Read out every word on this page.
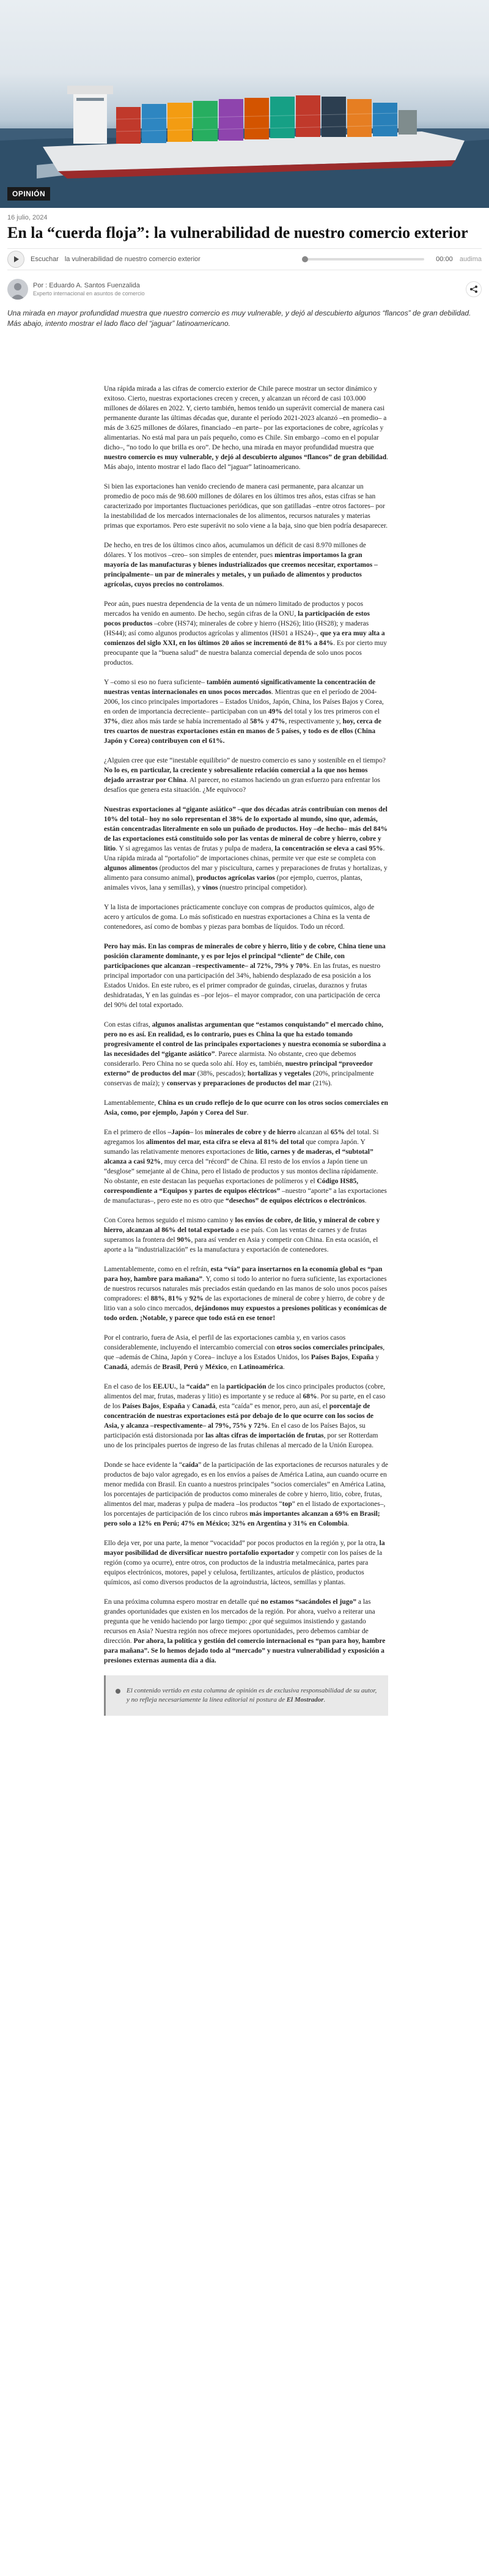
OPINIÓN
16 julio, 2024
En la “cuerda floja”: la vulnerabilidad de nuestro comercio exterior
Escuchar la vulnerabilidad de nuestro comercio exterior	00:00	audima
Por : Eduardo A. Santos Fuenzalida
Experto internacional en asuntos de comercio

Una mirada en mayor profundidad muestra que nuestro comercio es muy vulnerable, y dejó al descubierto algunos “flancos” de gran debilidad. Más abajo, intento mostrar el lado flaco del “jaguar” latinoamericano.

Una rápida mirada a las cifras de comercio exterior de Chile parece mostrar un sector dinámico y exitoso. Cierto, nuestras exportaciones crecen y crecen, y alcanzan un récord de casi 103.000 millones de dólares en 2022. Y, cierto también, hemos tenido un superávit comercial de manera casi permanente durante las últimas décadas que, durante el período 2021-2023 alcanzó –en promedio– a más de 3.625 millones de dólares, financiado –en parte– por las exportaciones de cobre, agrícolas y alimentarias. No está mal para un país pequeño, como es Chile. Sin embargo –como en el popular dicho–, “no todo lo que brilla es oro”. De hecho, una mirada en mayor profundidad muestra que nuestro comercio es muy vulnerable, y dejó al descubierto algunos “flancos” de gran debilidad. Más abajo, intento mostrar el lado flaco del “jaguar” latinoamericano.

Si bien las exportaciones han venido creciendo de manera casi permanente, para alcanzar un promedio de poco más de 98.600 millones de dólares en los últimos tres años, estas cifras se han caracterizado por importantes fluctuaciones periódicas, que son gatilladas –entre otros factores– por la inestabilidad de los mercados internacionales de los alimentos, recursos naturales y materias primas que exportamos. Pero este superávit no solo viene a la baja, sino que bien podría desaparecer.

De hecho, en tres de los últimos cinco años, acumulamos un déficit de casi 8.970 millones de dólares. Y los motivos –creo– son simples de entender, pues mientras importamos la gran mayoría de las manufacturas y bienes industrializados que creemos necesitar, exportamos –principalmente– un par de minerales y metales, y un puñado de alimentos y productos agrícolas, cuyos precios no controlamos.

Peor aún, pues nuestra dependencia de la venta de un número limitado de productos y pocos mercados ha venido en aumento. De hecho, según cifras de la ONU, la participación de estos pocos productos –cobre (HS74); minerales de cobre y hierro (HS26); litio (HS28); y maderas (HS44); así como algunos productos agrícolas y alimentos (HS01 a HS24)–, que ya era muy alta a comienzos del siglo XXI, en los últimos 20 años se incrementó de 81% a 84%. Es por cierto muy preocupante que la “buena salud” de nuestra balanza comercial dependa de solo unos pocos productos.

Y –como si eso no fuera suficiente– también aumentó significativamente la concentración de nuestras ventas internacionales en unos pocos mercados. Mientras que en el período de 2004-2006, los cinco principales importadores – Estados Unidos, Japón, China, los Países Bajos y Corea, en orden de importancia decreciente– participaban con un 49% del total y los tres primeros con el 37%, diez años más tarde se había incrementado al 58% y 47%, respectivamente y, hoy, cerca de tres cuartos de nuestras exportaciones están en manos de 5 países, y todo es de ellos (China Japón y Corea) contribuyen con el 61%.

¿Alguien cree que este “inestable equilibrio” de nuestro comercio es sano y sostenible en el tiempo? No lo es, en particular, la creciente y sobresaliente relación comercial a la que nos hemos dejado arrastrar por China. Al parecer, no estamos haciendo un gran esfuerzo para enfrentar los desafíos que genera esta situación. ¿Me equivoco?

Nuestras exportaciones al “gigante asiático” –que dos décadas atrás contribuían con menos del 10% del total– hoy no solo representan el 38% de lo exportado al mundo, sino que, además, están concentradas literalmente en solo un puñado de productos. Hoy –de hecho– más del 84% de las exportaciones está constituido solo por las ventas de mineral de cobre y hierro, cobre y litio. Y si agregamos las ventas de frutas y pulpa de madera, la concentración se eleva a casi 95%. Una rápida mirada al “portafolio” de importaciones chinas, permite ver que este se completa con algunos alimentos (productos del mar y piscicultura, carnes y preparaciones de frutas y hortalizas, y alimento para consumo animal), productos agrícolas varios (por ejemplo, cuerros, plantas, animales vivos, lana y semillas), y vinos (nuestro principal competidor).

Y la lista de importaciones prácticamente concluye con compras de productos químicos, algo de acero y artículos de goma. Lo más sofisticado en nuestras exportaciones a China es la venta de contenedores, así como de bombas y piezas para bombas de líquidos. Todo un récord.

Pero hay más. En las compras de minerales de cobre y hierro, litio y de cobre, China tiene una posición claramente dominante, y es por lejos el principal “cliente” de Chile, con participaciones que alcanzan –respectivamente– al 72%, 79% y 70%. En las frutas, es nuestro principal importador con una participación del 34%, habiendo desplazado de esa posición a los Estados Unidos. En este rubro, es el primer comprador de guindas, ciruelas, duraznos y frutas deshidratadas, Y en las guindas es –por lejos– el mayor comprador, con una participación de cerca del 90% del total exportado.

Con estas cifras, algunos analistas argumentan que “estamos conquistando” el mercado chino, pero no es así. En realidad, es lo contrario, pues es China la que ha estado tomando progresivamente el control de las principales exportaciones y nuestra economía se subordina a las necesidades del “gigante asiático”. Parece alarmista. No obstante, creo que debemos considerarlo. Pero China no se queda solo ahí. Hoy es, también, nuestro principal “proveedor externo” de productos del mar (38%, pescados); hortalizas y vegetales (20%, principalmente conservas de maíz); y conservas y preparaciones de productos del mar (21%).

Lamentablemente, China es un crudo reflejo de lo que ocurre con los otros socios comerciales en Asia, como, por ejemplo, Japón y Corea del Sur.

En el primero de ellos –Japón– los minerales de cobre y de hierro alcanzan al 65% del total. Si agregamos los alimentos del mar, esta cifra se eleva al 81% del total que compra Japón. Y sumando las relativamente menores exportaciones de litio, carnes y de maderas, el “subtotal” alcanza a casi 92%, muy cerca del “récord” de China. El resto de los envíos a Japón tiene un “desglose” semejante al de China, pero el listado de productos y sus montos declina rápidamente. No obstante, en este destacan las pequeñas exportaciones de polímeros y el Código HS85, correspondiente a “Equipos y partes de equipos eléctricos” –nuestro “aporte” a las exportaciones de manufacturas–, pero este no es otro que “desechos” de equipos eléctricos o electrónicos.

Con Corea hemos seguido el mismo camino y los envíos de cobre, de litio, y mineral de cobre y hierro, alcanzan al 86% del total exportado a ese país. Con las ventas de carnes y de frutas superamos la frontera del 90%, para así vender en Asia y competir con China. En esta ocasión, el aporte a la “industrialización” es la manufactura y exportación de contenedores.

Lamentablemente, como en el refrán, esta “vía” para insertarnos en la economía global es “pan para hoy, hambre para mañana”. Y, como si todo lo anterior no fuera suficiente, las exportaciones de nuestros recursos naturales más preciados están quedando en las manos de solo unos pocos países compradores: el 88%, 81% y 92% de las exportaciones de mineral de cobre y hierro, de cobre y de litio van a solo cinco mercados, dejándonos muy expuestos a presiones políticas y económicas de todo orden. ¡Notable, y parece que todo está en ese tenor!

Por el contrario, fuera de Asia, el perfil de las exportaciones cambia y, en varios casos considerablemente, incluyendo el intercambio comercial con otros socios comerciales principales, que –además de China, Japón y Corea– incluye a los Estados Unidos, los Países Bajos, España y Canadá, además de Brasil, Perú y México, en Latinoamérica.

En el caso de los EE.UU., la “caída” en la participación de los cinco principales productos (cobre, alimentos del mar, frutas, maderas y litio) es importante y se reduce al 68%. Por su parte, en el caso de los Países Bajos, España y Canadá, esta “caída” es menor, pero, aun así, el porcentaje de concentración de nuestras exportaciones está por debajo de lo que ocurre con los socios de Asia, y alcanza –respectivamente– al 79%, 75% y 72%. En el caso de los Países Bajos, su participación está distorsionada por las altas cifras de importación de frutas, por ser Rotterdam uno de los principales puertos de ingreso de las frutas chilenas al mercado de la Unión Europea.

Donde se hace evidente la “caída” de la participación de las exportaciones de recursos naturales y de productos de bajo valor agregado, es en los envíos a países de América Latina, aun cuando ocurre en menor medida con Brasil. En cuanto a nuestros principales “socios comerciales” en América Latina, los porcentajes de participación de productos como minerales de cobre y hierro, litio, cobre, frutas, alimentos del mar, maderas y pulpa de madera –los productos “top” en el listado de exportaciones–, los porcentajes de participación de los cinco rubros más importantes alcanzan a 69% en Brasil; pero solo a 12% en Perú; 47% en México; 32% en Argentina y 31% en Colombia.

Ello deja ver, por una parte, la menor “vocacidad” por pocos productos en la región y, por la otra, la mayor posibilidad de diversificar nuestro portafolio exportador y competir con los países de la región (como ya ocurre), entre otros, con productos de la industria metalmecánica, partes para equipos electrónicos, motores, papel y celulosa, fertilizantes, artículos de plástico, productos químicos, así como diversos productos de la agroindustria, lácteos, semillas y plantas.

En una próxima columna espero mostrar en detalle qué no estamos “sacándoles el jugo” a las grandes oportunidades que existen en los mercados de la región. Por ahora, vuelvo a reiterar una pregunta que he venido haciendo por largo tiempo: ¿por qué seguimos insistiendo y gastando recursos en Asia? Nuestra región nos ofrece mejores oportunidades, pero debemos cambiar de dirección. Por ahora, la política y gestión del comercio internacional es “pan para hoy, hambre para mañana”. Se lo hemos dejado todo al “mercado” y nuestra vulnerabilidad y exposición a presiones externas aumenta día a día.

El contenido vertido en esta columna de opinión es de exclusiva responsabilidad de su autor, y no refleja necesariamente la línea editorial ni postura de El Mostrador.
